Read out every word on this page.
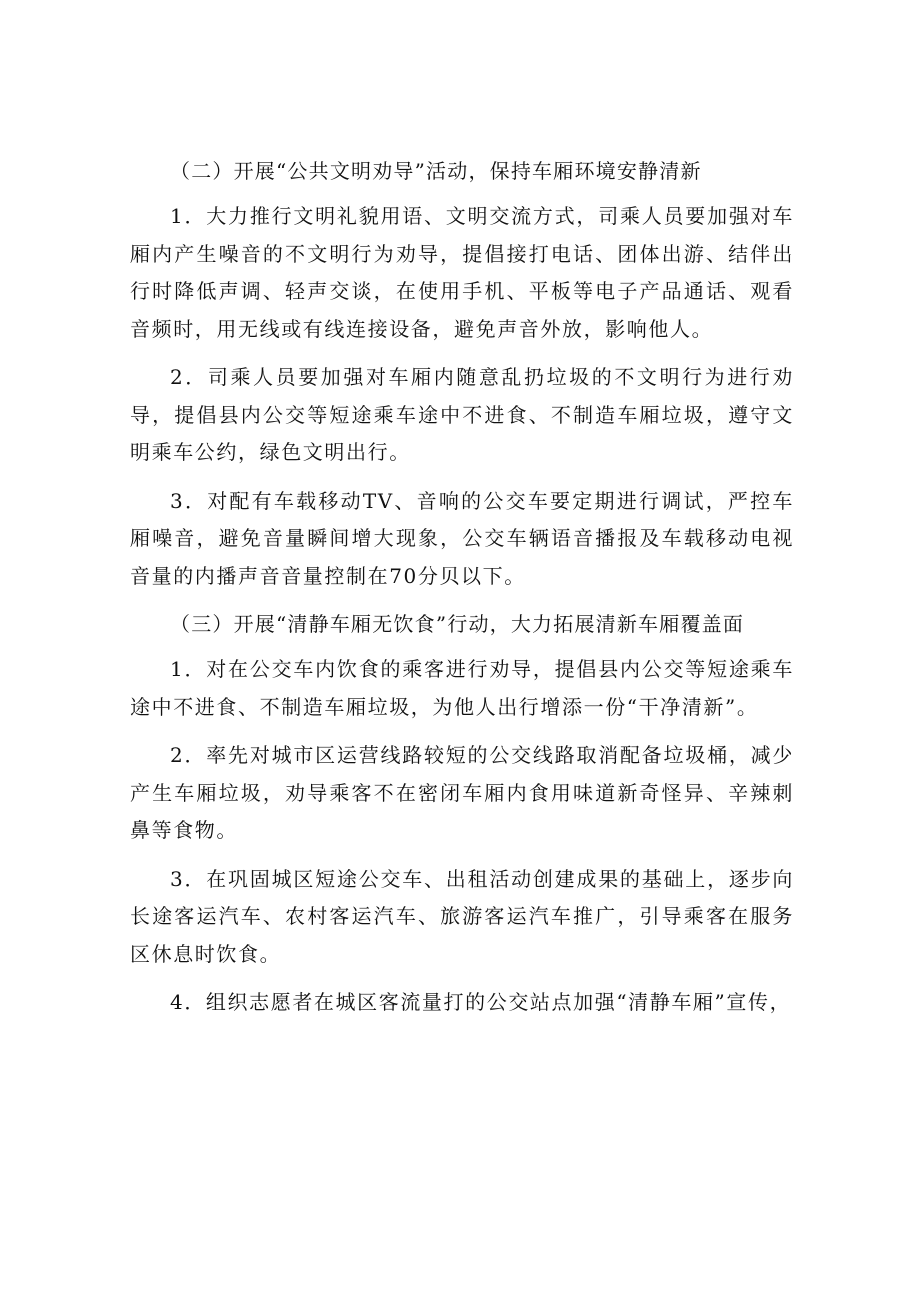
（二）开展“公共文明劝导”活动，保持车厢环境安静清新

1．大力推行文明礼貌用语、文明交流方式，司乘人员要加强对车厢内产生噪音的不文明行为劝导，提倡接打电话、团体出游、结伴出行时降低声调、轻声交谈，在使用手机、平板等电子产品通话、观看音频时，用无线或有线连接设备，避免声音外放，影响他人。

2．司乘人员要加强对车厢内随意乱扔垃圾的不文明行为进行劝导，提倡县内公交等短途乘车途中不进食、不制造车厢垃圾，遵守文明乘车公约，绿色文明出行。

3．对配有车载移动TV、音响的公交车要定期进行调试，严控车厢噪音，避免音量瞬间增大现象，公交车辆语音播报及车载移动电视音量的内播声音音量控制在70分贝以下。

（三）开展“清静车厢无饮食”行动，大力拓展清新车厢覆盖面

1．对在公交车内饮食的乘客进行劝导，提倡县内公交等短途乘车途中不进食、不制造车厢垃圾，为他人出行增添一份“干净清新”。

2．率先对城市区运营线路较短的公交线路取消配备垃圾桶，减少产生车厢垃圾，劝导乘客不在密闭车厢内食用味道新奇怪异、辛辣刺鼻等食物。

3．在巩固城区短途公交车、出租活动创建成果的基础上，逐步向长途客运汽车、农村客运汽车、旅游客运汽车推广，引导乘客在服务区休息时饮食。

4．组织志愿者在城区客流量打的公交站点加强“清静车厢”宣传，
